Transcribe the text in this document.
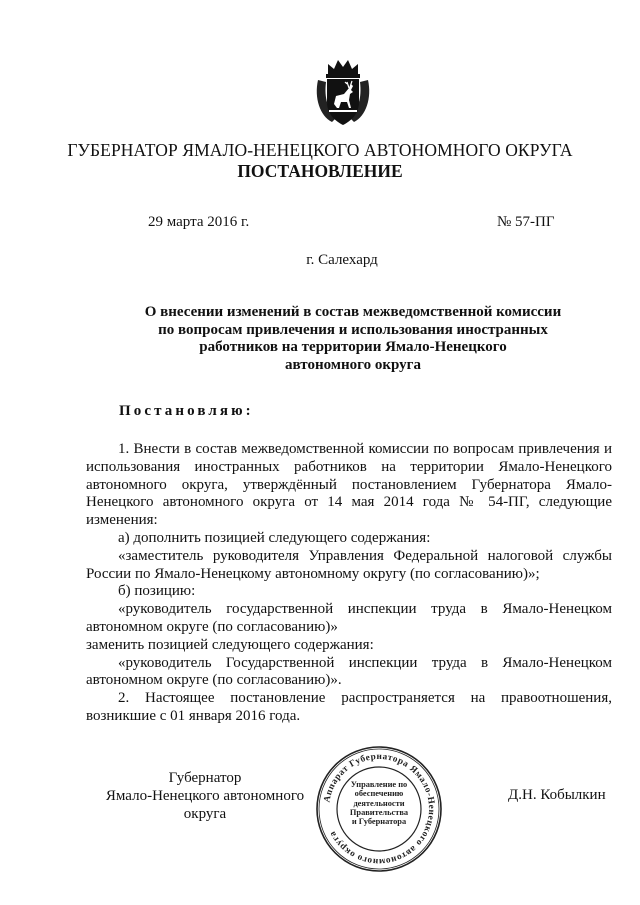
ГУБЕРНАТОР ЯМАЛО-НЕНЕЦКОГО АВТОНОМНОГО ОКРУГА
ПОСТАНОВЛЕНИЕ
29 марта 2016 г.	№ 57-ПГ
г. Салехард
О внесении изменений в состав межведомственной комиссии
по вопросам привлечения и использования иностранных
работников на территории Ямало-Ненецкого
автономного округа
Постановляю:

1. Внести в состав межведомственной комиссии по вопросам привлечения и использования иностранных работников на территории Ямало-Ненецкого автономного округа, утверждённый постановлением Губернатора Ямало-Ненецкого автономного округа от 14 мая 2014 года № 54-ПГ, следующие изменения:

а) дополнить позицией следующего содержания:

«заместитель руководителя Управления Федеральной налоговой службы России по Ямало-Ненецкому автономному округу (по согласованию)»;

б) позицию:

«руководитель государственной инспекции труда в Ямало-Ненецком автономном округе (по согласованию)»

заменить позицией следующего содержания:

«руководитель Государственной инспекции труда в Ямало-Ненецком автономном округе (по согласованию)».

2. Настоящее постановление распространяется на правоотношения, возникшие с 01 января 2016 года.

Губернатор
Ямало-Ненецкого автономного округа
Д.Н. Кобылкин
Аппарат Губернатора Ямало-Ненецкого автономного округа
Управление по
обеспечению
деятельности
Правительства
и Губернатора
